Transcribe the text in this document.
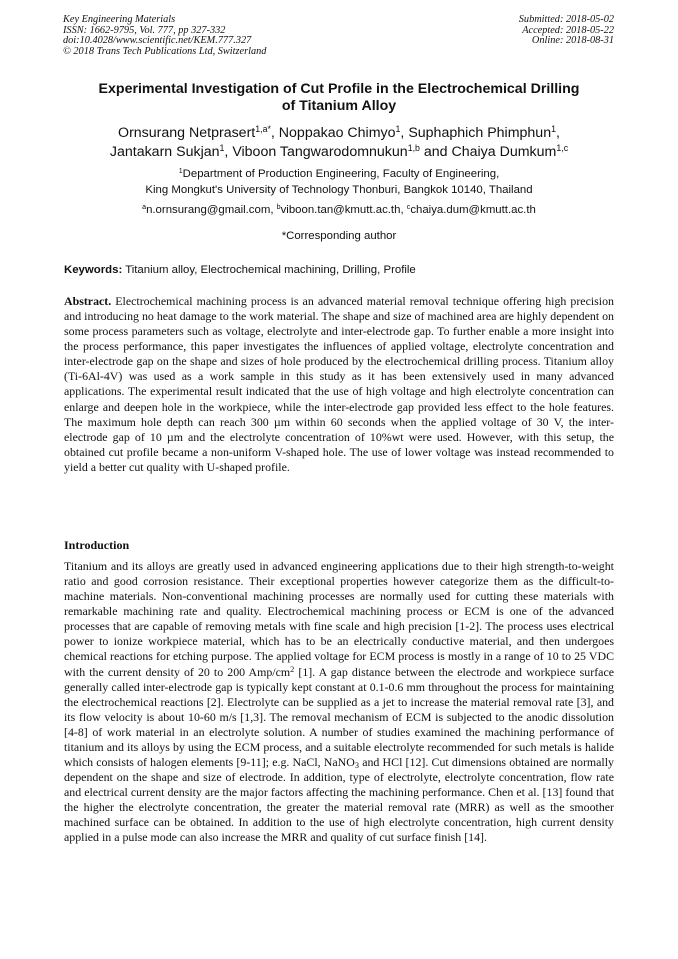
Key Engineering Materials
ISSN: 1662-9795, Vol. 777, pp 327-332
doi:10.4028/www.scientific.net/KEM.777.327
© 2018 Trans Tech Publications Ltd, Switzerland
Submitted: 2018-05-02
Accepted: 2018-05-22
Online: 2018-08-31
Experimental Investigation of Cut Profile in the Electrochemical Drilling
of Titanium Alloy
Ornsurang Netprasert$^{1,a*}$, Noppakao Chimyo$^1$, Suphaphich Phimphun$^1$,
Jantakarn Sukjan$^1$, Viboon Tangwarodomnukun$^{1,b}$ and Chaiya Dumkum$^{1,c}$
$^1$Department of Production Engineering, Faculty of Engineering,
King Mongkut's University of Technology Thonburi, Bangkok 10140, Thailand
$^a$n.ornsurang@gmail.com, $^b$viboon.tan@kmutt.ac.th, $^c$chaiya.dum@kmutt.ac.th
*Corresponding author
Keywords: Titanium alloy, Electrochemical machining, Drilling, Profile
Abstract. Electrochemical machining process is an advanced material removal technique offering high precision and introducing no heat damage to the work material. The shape and size of machined area are highly dependent on some process parameters such as voltage, electrolyte and inter-electrode gap. To further enable a more insight into the process performance, this paper investigates the influences of applied voltage, electrolyte concentration and inter-electrode gap on the shape and sizes of hole produced by the electrochemical drilling process. Titanium alloy (Ti-6Al-4V) was used as a work sample in this study as it has been extensively used in many advanced applications. The experimental result indicated that the use of high voltage and high electrolyte concentration can enlarge and deepen hole in the workpiece, while the inter-electrode gap provided less effect to the hole features. The maximum hole depth can reach 300 µm within 60 seconds when the applied voltage of 30 V, the inter-electrode gap of 10 µm and the electrolyte concentration of 10%wt were used. However, with this setup, the obtained cut profile became a non-uniform V-shaped hole. The use of lower voltage was instead recommended to yield a better cut quality with U-shaped profile.
Introduction
Titanium and its alloys are greatly used in advanced engineering applications due to their high strength-to-weight ratio and good corrosion resistance. Their exceptional properties however categorize them as the difficult-to-machine materials. Non-conventional machining processes are normally used for cutting these materials with remarkable machining rate and quality. Electrochemical machining process or ECM is one of the advanced processes that are capable of removing metals with fine scale and high precision [1-2]. The process uses electrical power to ionize workpiece material, which has to be an electrically conductive material, and then undergoes chemical reactions for etching purpose. The applied voltage for ECM process is mostly in a range of 10 to 25 VDC with the current density of 20 to 200 Amp/$cm^2$ [1]. A gap distance between the electrode and workpiece surface generally called inter-electrode gap is typically kept constant at 0.1-0.6 mm throughout the process for maintaining the electrochemical reactions [2]. Electrolyte can be supplied as a jet to increase the material removal rate [3], and its flow velocity is about 10-60 m/s [1,3]. The removal mechanism of ECM is subjected to the anodic dissolution [4-8] of work material in an electrolyte solution. A number of studies examined the machining performance of titanium and its alloys by using the ECM process, and a suitable electrolyte recommended for such metals is halide which consists of halogen elements [9-11]; e.g. NaCl, NaNO$_3$ and HCl [12]. Cut dimensions obtained are normally dependent on the shape and size of electrode. In addition, type of electrolyte, electrolyte concentration, flow rate and electrical current density are the major factors affecting the machining performance. Chen et al. [13] found that the higher the electrolyte concentration, the greater the material removal rate (MRR) as well as the smoother machined surface can be obtained. In addition to the use of high electrolyte concentration, high current density applied in a pulse mode can also increase the MRR and quality of cut surface finish [14].
